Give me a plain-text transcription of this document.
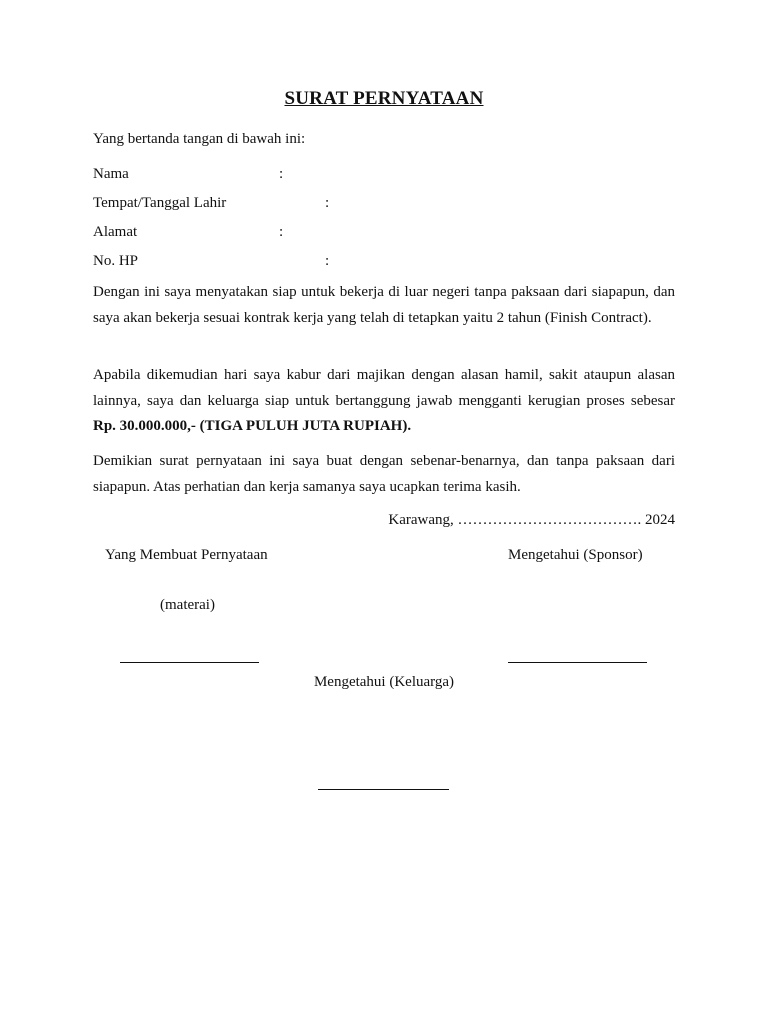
SURAT PERNYATAAN
Yang bertanda tangan di bawah ini:
Nama	:
Tempat/Tanggal Lahir	:
Alamat	:
No. HP	:
Dengan ini saya menyatakan siap untuk bekerja di luar negeri tanpa paksaan dari siapapun, dan saya akan bekerja sesuai kontrak kerja yang telah di tetapkan yaitu 2 tahun (Finish Contract).
Apabila dikemudian hari saya kabur dari majikan dengan alasan hamil, sakit ataupun alasan lainnya, saya dan keluarga siap untuk bertanggung jawab mengganti kerugian proses sebesar Rp. 30.000.000,- (TIGA PULUH JUTA RUPIAH).
Demikian surat pernyataan ini saya buat dengan sebenar-benarnya, dan tanpa paksaan dari siapapun. Atas perhatian dan kerja samanya saya ucapkan terima kasih.
Karawang, ………………………………. 2024
Yang Membuat Pernyataan	Mengetahui (Sponsor)
(materai)
Mengetahui (Keluarga)
